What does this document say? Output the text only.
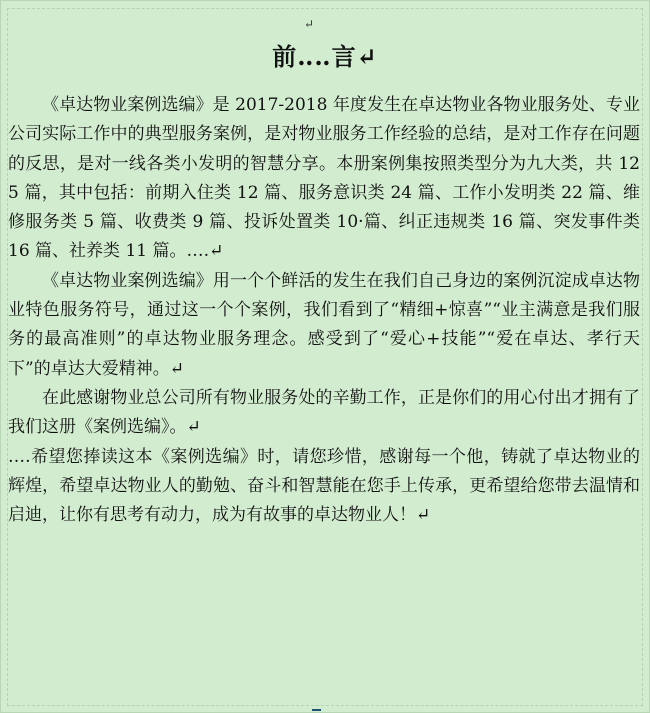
↵
前‥‥言↵

《卓达物业案例选编》是 2017-2018 年度发生在卓达物业各物业服务处、专业公司实际工作中的典型服务案例，是对物业服务工作经验的总结，是对工作存在问题的反思，是对一线各类小发明的智慧分享。本册案例集按照类型分为九大类，共 125 篇，其中包括：前期入住类 12 篇、服务意识类 24 篇、工作小发明类 22 篇、维修服务类 5 篇、收费类 9 篇、投诉处置类 10·篇、纠正违规类 16 篇、突发事件类 16 篇、社养类 11 篇。‥‥↵

《卓达物业案例选编》用一个个鲜活的发生在我们自己身边的案例沉淀成卓达物业特色服务符号，通过这一个个案例，我们看到了“精细+惊喜”“业主满意是我们服务的最高准则”的卓达物业服务理念。感受到了“爱心+技能”“爱在卓达、孝行天下”的卓达大爱精神。↵

在此感谢物业总公司所有物业服务处的辛勤工作，正是你们的用心付出才拥有了我们这册《案例选编》。↵

‥‥希望您捧读这本《案例选编》时，请您珍惜，感谢每一个他，铸就了卓达物业的辉煌，希望卓达物业人的勤勉、奋斗和智慧能在您手上传承，更希望给您带去温情和启迪，让你有思考有动力，成为有故事的卓达物业人！↵
